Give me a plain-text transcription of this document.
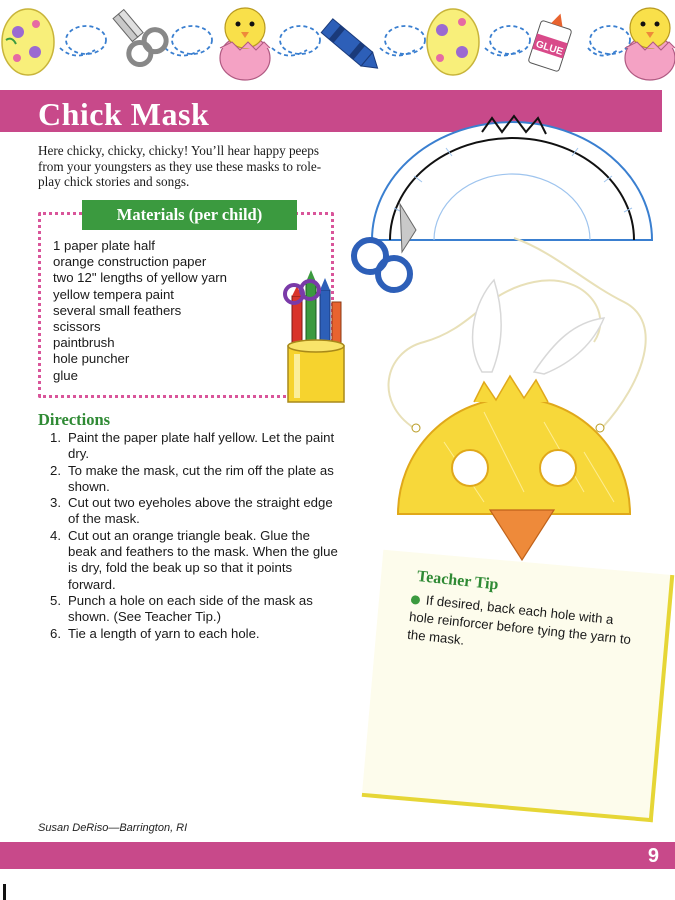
GLUE
Chick Mask

Here chicky, chicky, chicky! You’ll hear happy peeps from your youngsters as they use these masks to role-play chick stories and songs.

Materials (per child)
1 paper plate half
orange construction paper
two 12" lengths of yellow yarn
yellow tempera paint
several small feathers
scissors
paintbrush
hole puncher
glue
Directions
1. Paint the paper plate half yellow. Let the paint dry.
2. To make the mask, cut the rim off the plate as shown.
3. Cut out two eyeholes above the straight edge of the mask.
4. Cut out an orange triangle beak. Glue the beak and feathers to the mask. When the glue is dry, fold the beak up so that it points forward.
5. Punch a hole on each side of the mask as shown. (See Teacher Tip.)
6. Tie a length of yarn to each hole.
Teacher Tip
If desired, back each hole with a hole reinforcer before tying the yarn to the mask.
Susan DeRiso—Barrington, RI
9
